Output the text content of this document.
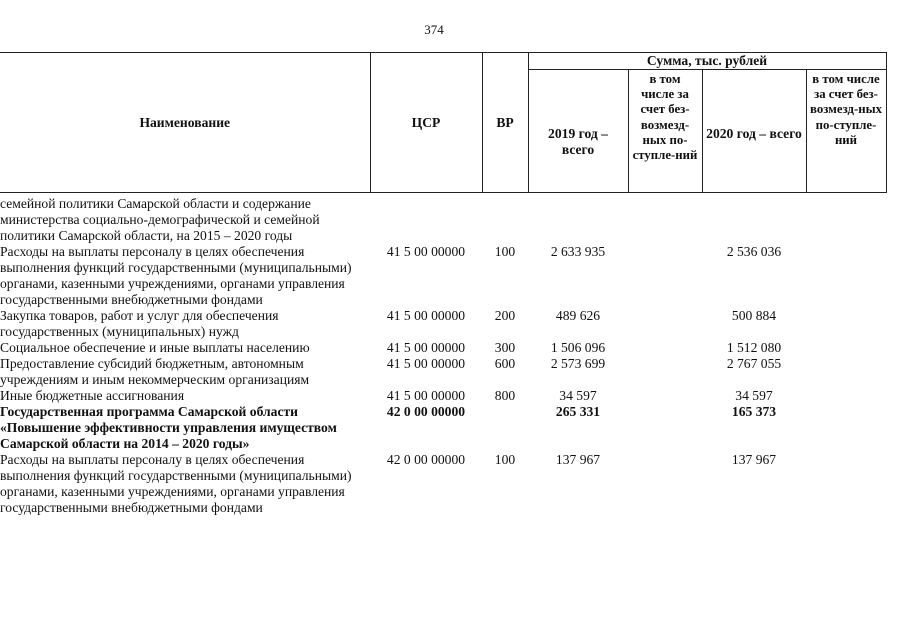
374
Наименование	ЦСР	ВР	Сумма, тыс. рублей			
			2019 год – всего	в том числе за счет без-возмезд-ных по-ступле-ний	2020 год – всего	в том числе за счет без-возмезд-ных по-ступле-ний
семейной политики Самарской области и содержание министерства социально-демографической и семейной политики Самарской области, на 2015 – 2020 годы						
Расходы на выплаты персоналу в целях обеспечения выполнения функций государственными (муниципальными) органами, казенными учреждениями, органами управления государственными внебюджетными фондами	41 5 00 00000	100	2 633 935		2 536 036	
Закупка товаров, работ и услуг для обеспечения государственных (муниципальных) нужд	41 5 00 00000	200	489 626		500 884	
Социальное обеспечение и иные выплаты населению	41 5 00 00000	300	1 506 096		1 512 080	
Предоставление субсидий бюджетным, автономным учреждениям и иным некоммерческим организациям	41 5 00 00000	600	2 573 699		2 767 055	
Иные бюджетные ассигнования	41 5 00 00000	800	34 597		34 597	
Государственная программа Самарской области «Повышение эффективности управления имуществом Самарской области на 2014 – 2020 годы»	42 0 00 00000		265 331		165 373	
Расходы на выплаты персоналу в целях обеспечения выполнения функций государственными (муниципальными) органами, казенными учреждениями, органами управления государственными внебюджетными фондами	42 0 00 00000	100	137 967		137 967	
